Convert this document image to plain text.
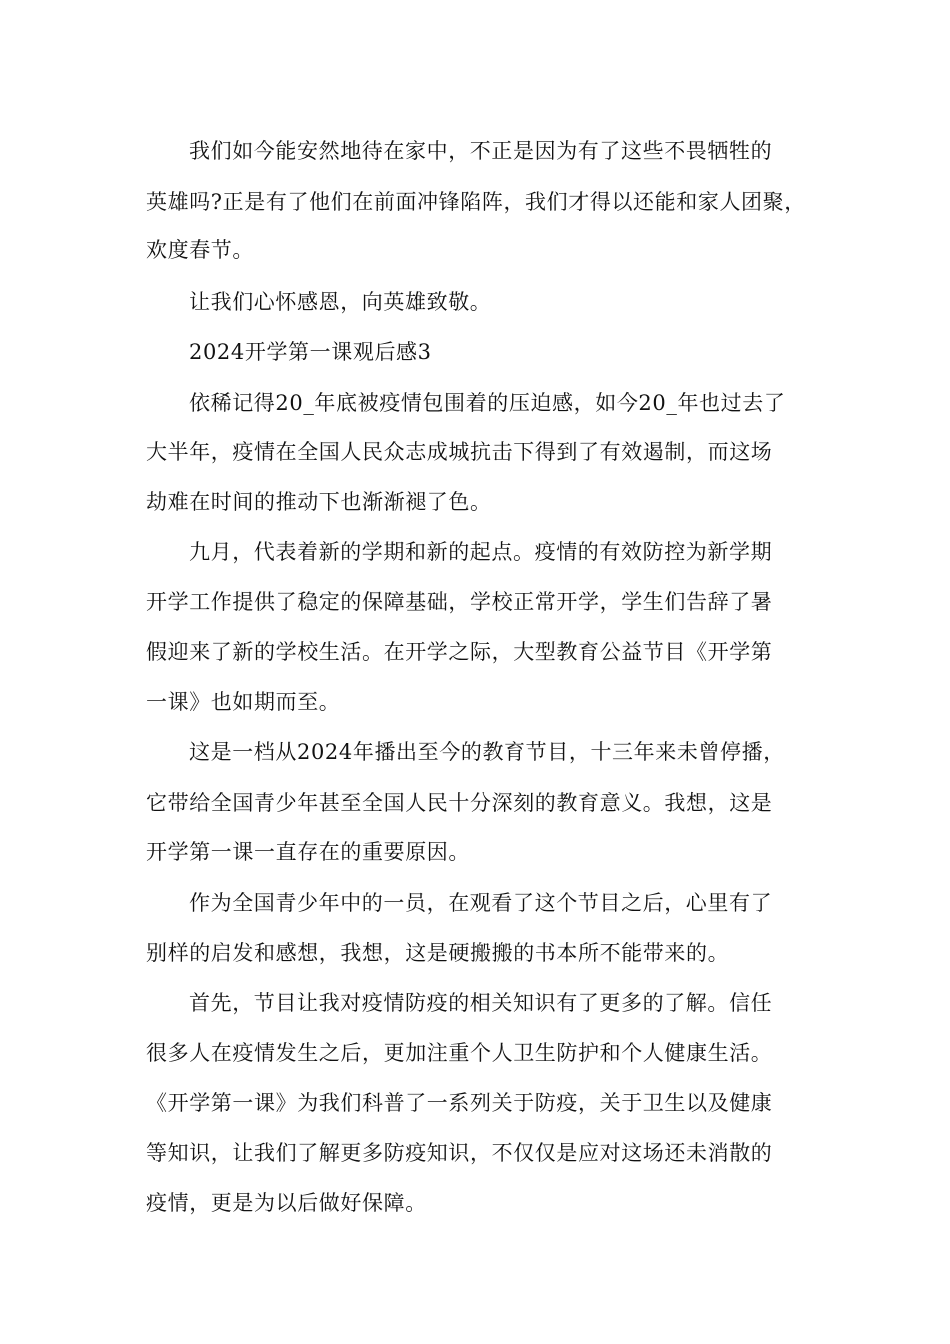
我们如今能安然地待在家中，不正是因为有了这些不畏牺牲的
英雄吗?正是有了他们在前面冲锋陷阵，我们才得以还能和家人团聚，
欢度春节。
让我们心怀感恩，向英雄致敬。
2024开学第一课观后感3
依稀记得20_年底被疫情包围着的压迫感，如今20_年也过去了
大半年，疫情在全国人民众志成城抗击下得到了有效遏制，而这场
劫难在时间的推动下也渐渐褪了色。
九月，代表着新的学期和新的起点。疫情的有效防控为新学期
开学工作提供了稳定的保障基础，学校正常开学，学生们告辞了暑
假迎来了新的学校生活。在开学之际，大型教育公益节目《开学第
一课》也如期而至。
这是一档从2024年播出至今的教育节目，十三年来未曾停播，
它带给全国青少年甚至全国人民十分深刻的教育意义。我想，这是
开学第一课一直存在的重要原因。
作为全国青少年中的一员，在观看了这个节目之后，心里有了
别样的启发和感想，我想，这是硬搬搬的书本所不能带来的。
首先，节目让我对疫情防疫的相关知识有了更多的了解。信任
很多人在疫情发生之后，更加注重个人卫生防护和个人健康生活。
《开学第一课》为我们科普了一系列关于防疫，关于卫生以及健康
等知识，让我们了解更多防疫知识，不仅仅是应对这场还未消散的
疫情，更是为以后做好保障。
